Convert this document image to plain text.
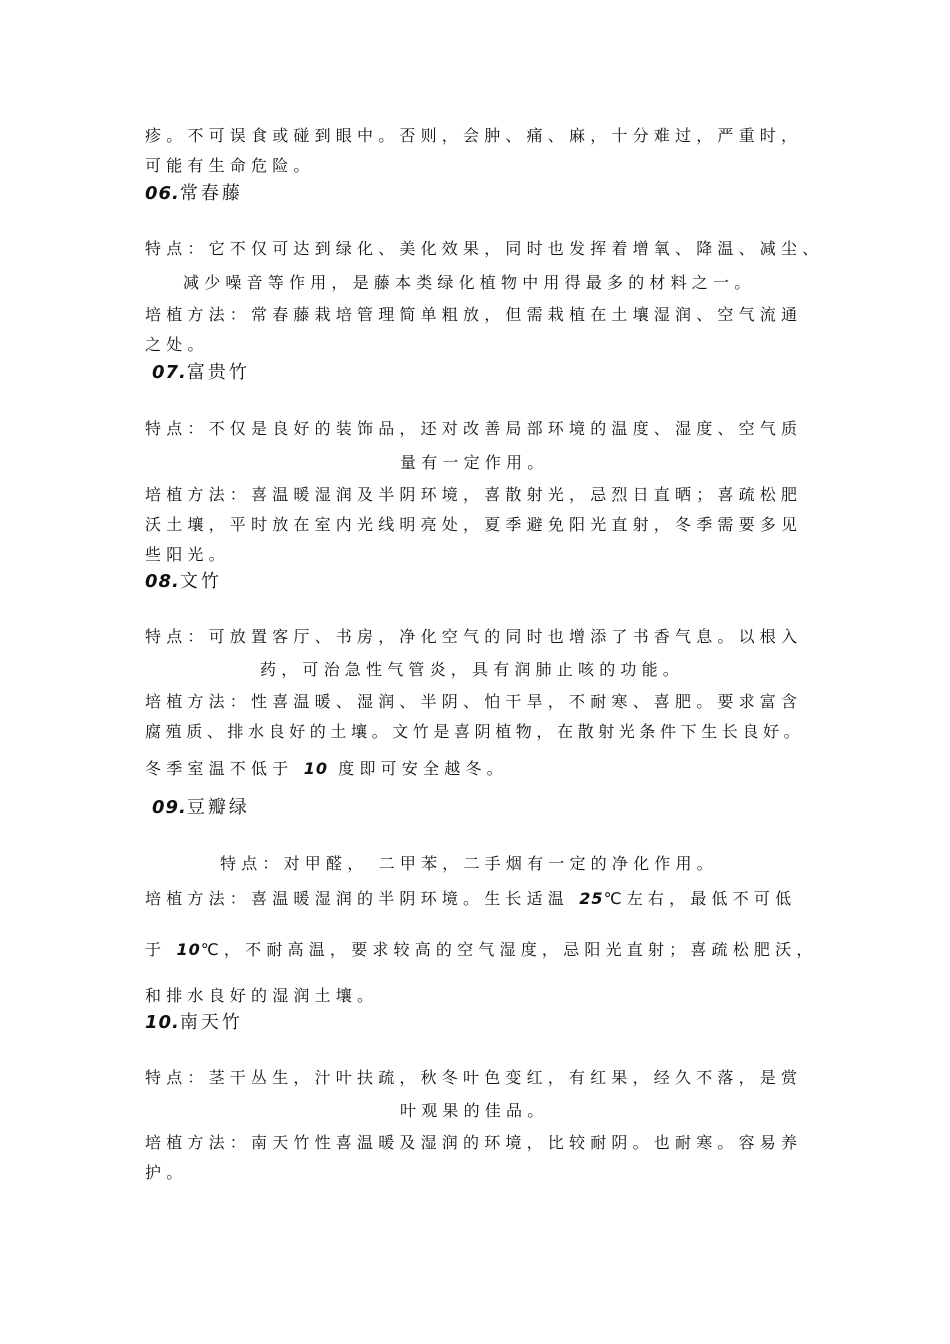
疹。不可误食或碰到眼中。否则，会肿、痛、麻，十分难过，严重时，
可能有生命危险。
06.常春藤
特点：它不仅可达到绿化、美化效果，同时也发挥着增氧、降温、减尘、
减少噪音等作用，是藤本类绿化植物中用得最多的材料之一。
培植方法：常春藤栽培管理简单粗放，但需栽植在土壤湿润、空气流通
之处。
07.富贵竹
特点：不仅是良好的装饰品，还对改善局部环境的温度、湿度、空气质
量有一定作用。
培植方法：喜温暖湿润及半阴环境，喜散射光，忌烈日直晒；喜疏松肥
沃土壤，平时放在室内光线明亮处，夏季避免阳光直射，冬季需要多见
些阳光。
08.文竹
特点：可放置客厅、书房，净化空气的同时也增添了书香气息。以根入
药，可治急性气管炎，具有润肺止咳的功能。
培植方法：性喜温暖、湿润、半阴、怕干旱，不耐寒、喜肥。要求富含
腐殖质、排水良好的土壤。文竹是喜阴植物，在散射光条件下生长良好。
冬季室温不低于 10 度即可安全越冬。
09.豆瓣绿
特点：对甲醛， 二甲苯，二手烟有一定的净化作用。
培植方法：喜温暖湿润的半阴环境。生长适温 25℃左右，最低不可低
于 10℃，不耐高温，要求较高的空气湿度，忌阳光直射；喜疏松肥沃，
和排水良好的湿润土壤。
10.南天竹
特点：茎干丛生，汁叶扶疏，秋冬叶色变红，有红果，经久不落，是赏
叶观果的佳品。
培植方法：南天竹性喜温暖及湿润的环境，比较耐阴。也耐寒。容易养
护。
